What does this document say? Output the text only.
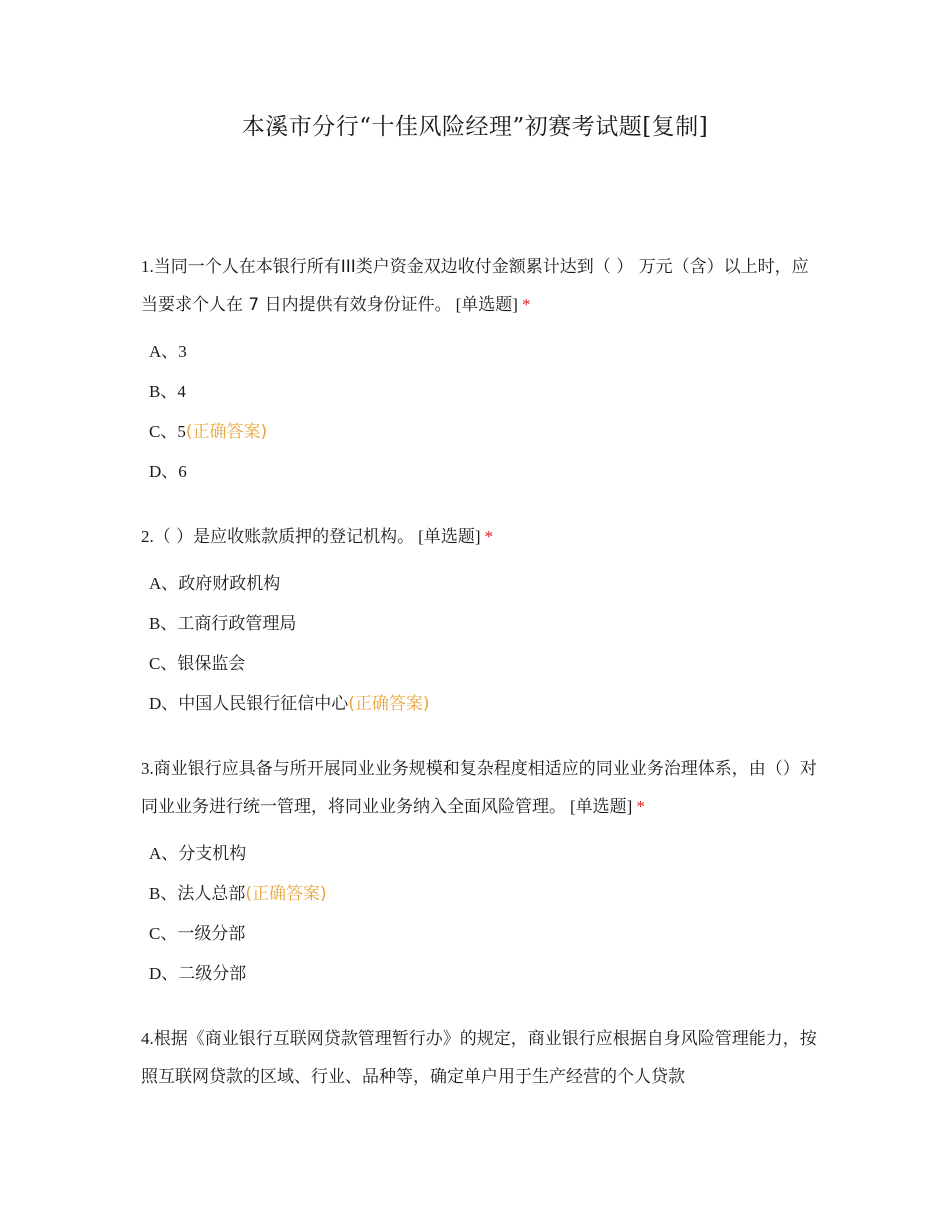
本溪市分行“十佳风险经理”初赛考试题[复制]

1.当同一个人在本银行所有III类户资金双边收付金额累计达到（ ） 万元（含）以上时，应当要求个人在 7 日内提供有效身份证件。 [单选题] *

A、3
B、4
C、5(正确答案)
D、6

2.（ ）是应收账款质押的登记机构。 [单选题] *

A、政府财政机构
B、工商行政管理局
C、银保监会
D、中国人民银行征信中心(正确答案)

3.商业银行应具备与所开展同业业务规模和复杂程度相适应的同业业务治理体系，由（）对同业业务进行统一管理，将同业业务纳入全面风险管理。 [单选题] *

A、分支机构
B、法人总部(正确答案)
C、一级分部
D、二级分部

4.根据《商业银行互联网贷款管理暂行办》的规定，商业银行应根据自身风险管理能力，按照互联网贷款的区域、行业、品种等，确定单户用于生产经营的个人贷款
